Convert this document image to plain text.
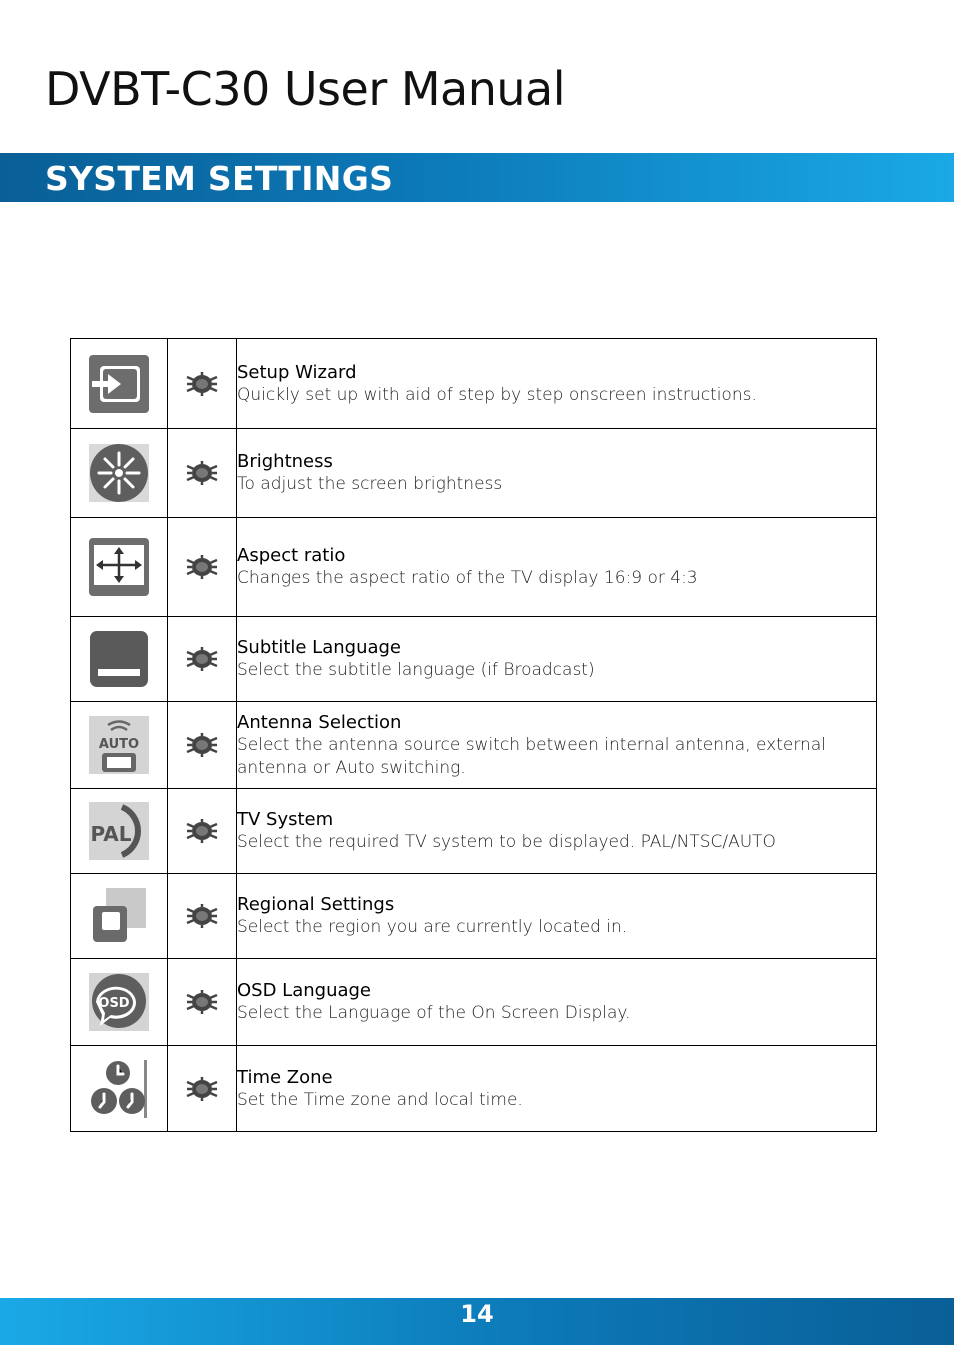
DVBT-C30 User Manual
SYSTEM SETTINGS

Setup Wizard
Quickly set up with aid of step by step onscreen instructions.

Brightness
To adjust the screen brightness

Aspect ratio
Changes the aspect ratio of the TV display 16:9 or 4:3

Subtitle Language
Select the subtitle language (if Broadcast)

AUTO		Antenna Selection
Select the antenna source switch between internal antenna, external antenna or Auto switching.

PAL		TV System
Select the required TV system to be displayed. PAL/NTSC/AUTO

Regional Settings
Select the region you are currently located in.

OSD		OSD Language
Select the Language of the On Screen Display.

Time Zone
Set the Time zone and local time.
14
